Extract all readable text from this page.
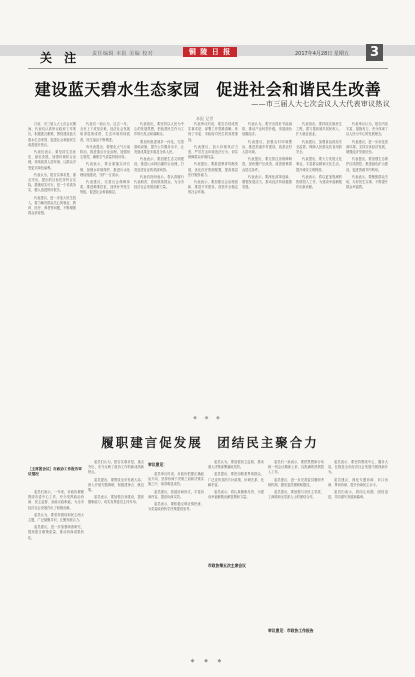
关 注 责任编辑 本报 美编 校对	铜 陵 日 报	2017年4月28日 星期五	3
建设蓝天碧水生态家园　促进社会和谐民生改善
——市三届人大七次会议人大代表审议热议
本报 记者

日前，市三届人大七次会议期间，代表们认真审议政府工作报告，积极建言献策，围绕建设蓝天碧水生态家园、促进社会和谐民生改善展开热议。

代表们表示，要坚持生态优先、绿色发展，加强环境综合治理，持续改善人居环境，让群众享受更多绿色福利。

代表认为，报告实事求是、重点突出，提出的目标任务符合实际，措施切实可行，是一个求真务实、催人奋进的好报告。

代表建议，进一步加大民生投入，着力解决群众关心的就业、教育、医疗、养老等问题，不断增强群众获得感。

代表们一致认为，过去一年，全市上下攻坚克难，经济社会发展取得显著成绩，生态环境持续改善，民生福祉不断增进。

有代表提出，要强化大气污染防治，推进重点行业治理，加强扬尘管控，确保空气质量持续好转。

代表表示，要全面落实河长制，加强水环境保护，推进污水处理设施建设，守护一江清水。

代表建议，完善社会保障体系，推进精准扶贫，加快补齐民生短板，促进社会和谐稳定。

代表指出，要坚持以人民为中心的发展思想，把改善民生作为工作的出发点和落脚点。

要加快推进城乡一体化，完善基础设施，提升公共服务水平，让发展成果更多惠及全体人民。

代表表示，要加强生态文明建设，推进山水林田湖综合治理，打造宜居宜业的美丽家园。

代表们纷纷表示，将认真履行代表职责，密切联系群众，为全市经济社会发展贡献力量。

代表审议时说，报告总结成绩实事求是，部署工作思路清晰，体现了市委、市政府对民生的高度重视。

代表建议，加大环境执法力度，严厉打击环境违法行为，切实保障群众环境权益。

代表提出，要推进教育均衡发展，优化医疗资源配置，提高基层医疗服务能力。

代表表示，要加强社会治理创新，推进平安建设，营造安全稳定的社会环境。

代表认为，要突出抓好节能减排，推动产业转型升级，发展绿色低碳经济。

代表建议，加强农村环境整治，推进美丽乡村建设，改善农村人居环境。

代表提出，要完善住房保障制度，加快棚户区改造，改善困难群众居住条件。

代表表示，要深化改革创新，增强发展活力，推动经济持续健康发展。

代表指出，要持续实施民生工程，着力提高城乡居民收入，扩大就业创业。

代表建议，加强食品药品安全监管，保障人民群众饮食用药安全。

代表提出，要大力发展文化事业，丰富群众精神文化生活，提升城市文明程度。

代表表示，将以更加饱满的热情投入工作，为建设幸福铜陵作出新贡献。

代表审议认为，报告内容丰富，措施有力，充分体现了以人民为中心的发展理念。

代表建议，进一步优化营商环境，支持实体经济发展，增强经济发展后劲。

代表提出，要加强生态保护红线管控，推进绿色矿山建设，促进资源节约利用。

代表表示，要聚焦群众关切，办好民生实事，不断提升群众幸福感。

◆ ◆ ◆
履职建言促发展　团结民主聚合力
［主席团会议］市政协工作报告审议情况

委员们表示，一年来，市政协紧紧围绕市委中心工作，充分发挥政治协商、民主监督、参政议政职能，为全市经济社会发展作出了积极贡献。

委员认为，要坚持团结和民主两大主题，广泛凝聚共识，汇聚发展合力。

委员建议，进一步加强调查研究，提高建言献策质量，推动协商成果转化。

委员们认为，报告实事求是，重点突出，充分反映了政协工作的新成绩新特点。

委员提出，要围绕全市发展大局，深入开展专题调研，积极建诤言、献良策。

委员表示，要加强自身建设，提高履职能力，切实发挥委员主体作用。

审议意见：

委员审议时说，市政协把握正确政治方向，坚持协商于决策之前和决策实施之中，取得明显成效。

委员建议，拓展协商形式，丰富协商内容，提高协商实效。

委员表示，要积极反映社情民意，为党委政府科学决策提供参考。

市政协第五次主席会议

委员认为，要加强民主监督，推动重大决策部署落地见效。

委员提出，要密切联系界别群众，广泛宣传党的方针政策，协调关系、化解矛盾。

委员表示，将认真履职尽责，为建设幸福铜陵贡献智慧和力量。

审议意见：市政协工作报告

委员们一致表示，要把思想和行动统一到会议精神上来，以饱满的热情投入工作。

委员建议，进一步完善委员履职考核机制，激发委员履职积极性。

委员提出，要加强与各民主党派、工商联和无党派人士的团结合作。

委员表示，要坚持围绕中心、服务大局，在推进全市经济社会发展中展现新作为。

委员建议，深化专题协商、对口协商、界别协商，提升协商民主水平。

委员们表示，将同心同德、团结奋进，共同谱写发展新篇章。

◆ ◆ ◆
